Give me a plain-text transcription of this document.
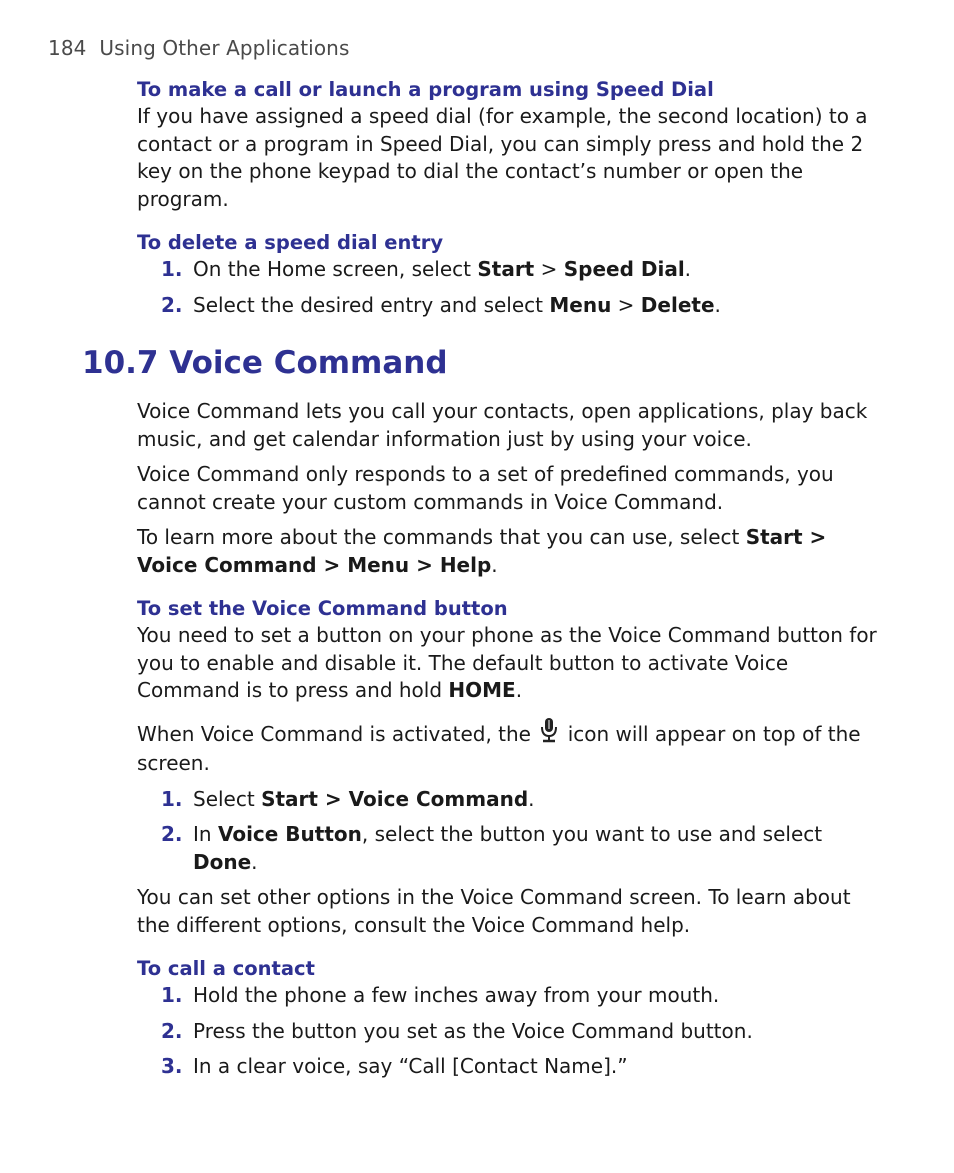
184 Using Other Applications

To make a call or launch a program using Speed Dial

If you have assigned a speed dial (for example, the second location) to a contact or a program in Speed Dial, you can simply press and hold the 2 key on the phone keypad to dial the contact’s number or open the program.

To delete a speed dial entry

1. On the Home screen, select Start > Speed Dial.
2. Select the desired entry and select Menu > Delete.
10.7 Voice Command

Voice Command lets you call your contacts, open applications, play back music, and get calendar information just by using your voice.

Voice Command only responds to a set of predefined commands, you cannot create your custom commands in Voice Command.

To learn more about the commands that you can use, select Start > Voice Command > Menu > Help.

To set the Voice Command button

You need to set a button on your phone as the Voice Command button for you to enable and disable it. The default button to activate Voice Command is to press and hold HOME.

When Voice Command is activated, the  icon will appear on top of the screen.

1. Select Start > Voice Command.
2. In Voice Button, select the button you want to use and select Done.

You can set other options in the Voice Command screen. To learn about the different options, consult the Voice Command help.

To call a contact

1. Hold the phone a few inches away from your mouth.
2. Press the button you set as the Voice Command button.
3. In a clear voice, say “Call [Contact Name].”
